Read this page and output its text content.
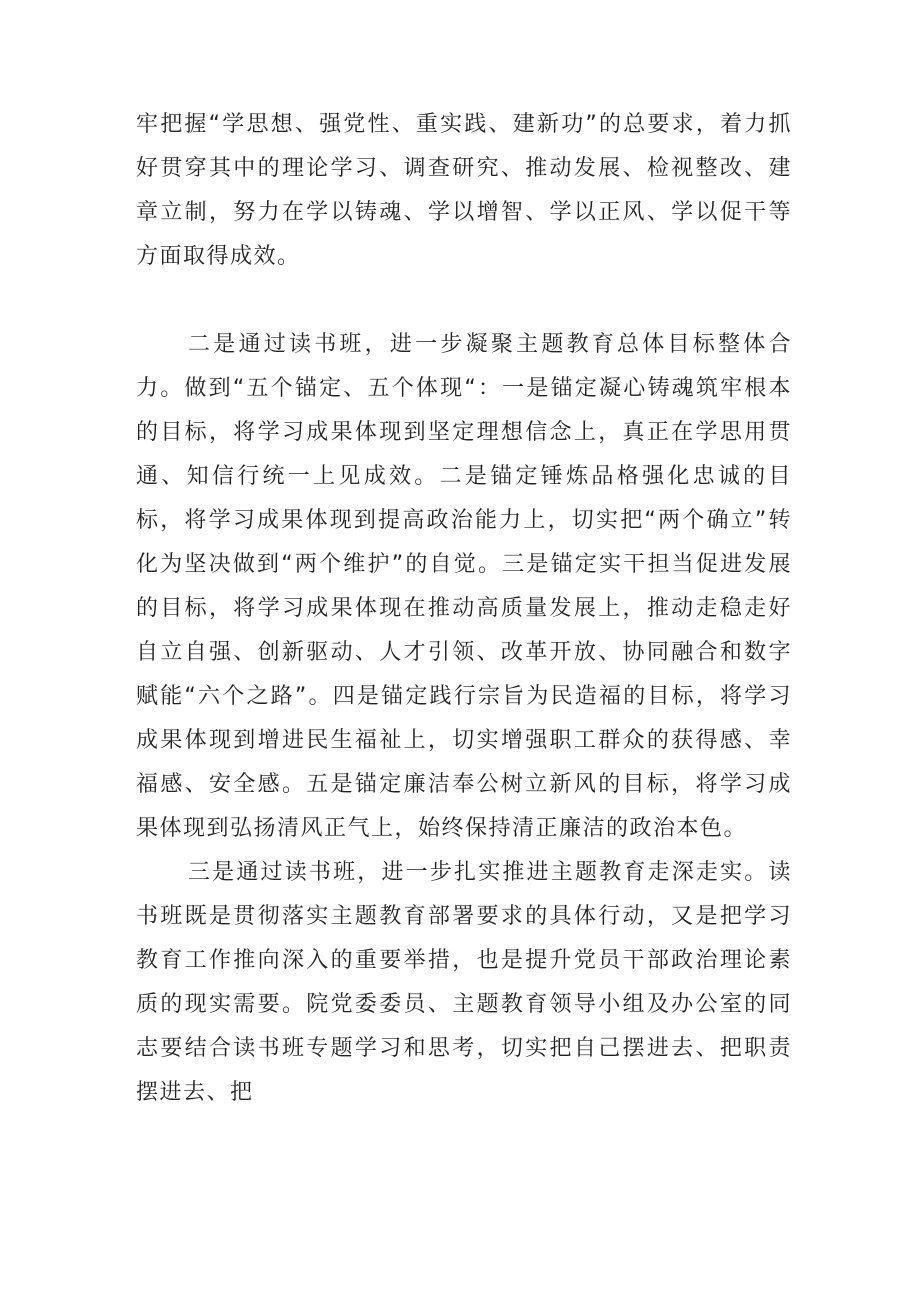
牢把握“学思想、强党性、重实践、建新功”的总要求，着力抓好贯穿其中的理论学习、调查研究、推动发展、检视整改、建章立制，努力在学以铸魂、学以增智、学以正风、学以促干等方面取得成效。

二是通过读书班，进一步凝聚主题教育总体目标整体合力。做到“五个锚定、五个体现“：一是锚定凝心铸魂筑牢根本的目标，将学习成果体现到坚定理想信念上，真正在学思用贯通、知信行统一上见成效。二是锚定锤炼品格强化忠诚的目标，将学习成果体现到提高政治能力上，切实把“两个确立”转化为坚决做到“两个维护”的自觉。三是锚定实干担当促进发展的目标，将学习成果体现在推动高质量发展上，推动走稳走好自立自强、创新驱动、人才引领、改革开放、协同融合和数字赋能“六个之路”。四是锚定践行宗旨为民造福的目标，将学习成果体现到增进民生福祉上，切实增强职工群众的获得感、幸福感、安全感。五是锚定廉洁奉公树立新风的目标，将学习成果体现到弘扬清风正气上，始终保持清正廉洁的政治本色。

三是通过读书班，进一步扎实推进主题教育走深走实。读书班既是贯彻落实主题教育部署要求的具体行动，又是把学习教育工作推向深入的重要举措，也是提升党员干部政治理论素质的现实需要。院党委委员、主题教育领导小组及办公室的同志要结合读书班专题学习和思考，切实把自己摆进去、把职责摆进去、把
